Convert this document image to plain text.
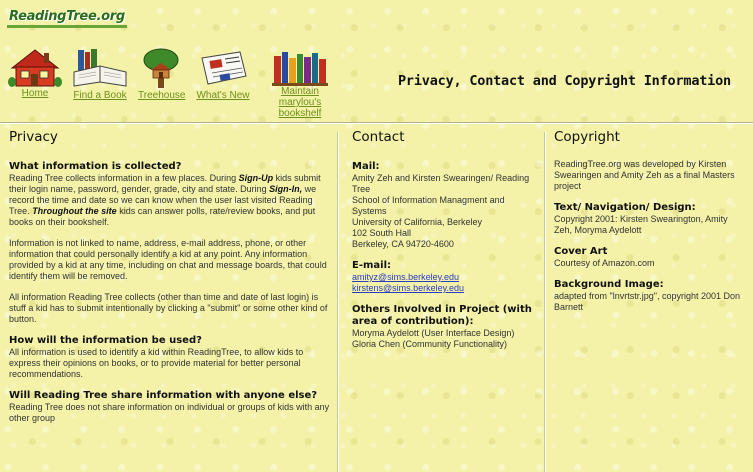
ReadingTree.org
Home	Find a Book	Treehouse What's New	Maintain marylou's bookshelf
Privacy, Contact and Copyright Information
Privacy
What information is collected?

Reading Tree collects information in a few places. During Sign-Up kids submit their login name, password, gender, grade, city and state. During Sign-In, we record the time and date so we can know when the user last visited Reading Tree. Throughout the site kids can answer polls, rate/review books, and put books on their bookshelf.

Information is not linked to name, address, e-mail address, phone, or other information that could personally identify a kid at any point. Any information provided by a kid at any time, including on chat and message boards, that could identify them will be removed.

All information Reading Tree collects (other than time and date of last login) is stuff a kid has to submit intentionally by clicking a "submit" or some other kind of button.

How will the information be used?

All information is used to identify a kid within ReadingTree, to allow kids to express their opinions on books, or to provide material for better personal recommendations.

Will Reading Tree share information with anyone else?

Reading Tree does not share information on individual or groups of kids with any other group

Contact
Mail:

Amity Zeh and Kirsten Swearingen/ Reading Tree
School of Information Managment and Systems
University of California, Berkeley
102 South Hall
Berkeley, CA 94720-4600

E-mail:

amityz@sims.berkeley.edu
kirstens@sims.berkeley.edu

Others Involved in Project (with area of contribution):

Moryma Aydelott (User Interface Design)
Gloria Chen (Community Functionality)

Copyright

ReadingTree.org was developed by Kirsten Swearingen and Amity Zeh as a final Masters project

Text/ Navigation/ Design:

Copyright 2001: Kirsten Swearington, Amity Zeh, Moryma Aydelott

Cover Art

Courtesy of Amazon.com

Background Image:

adapted from "lnvrtstr.jpg", copyright 2001 Don Barnett
